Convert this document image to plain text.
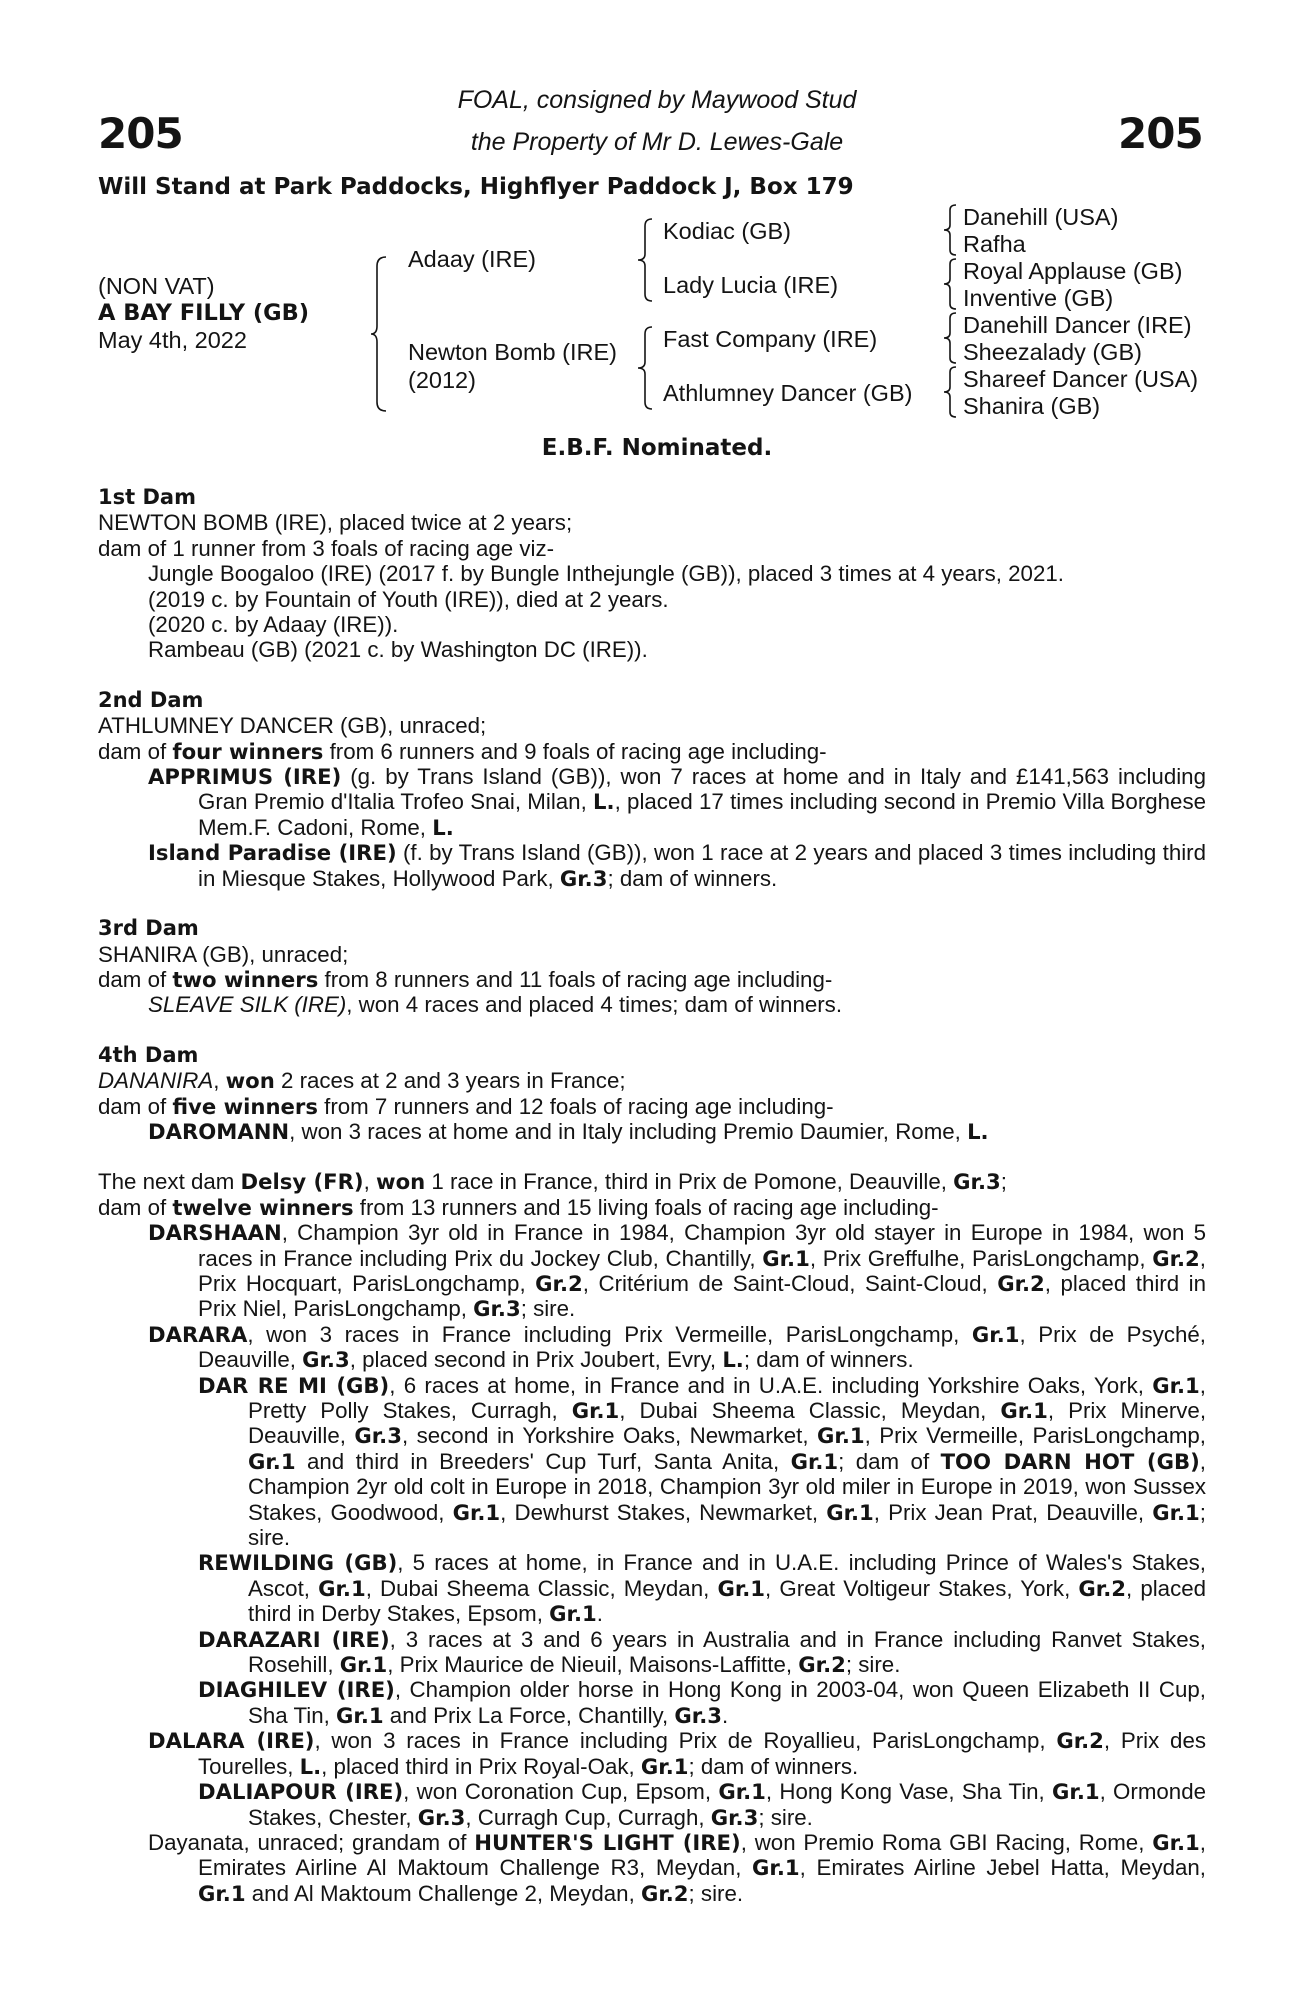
205	205
FOAL, consigned by Maywood Stud
the Property of Mr D. Lewes-Gale
Will Stand at Park Paddocks, Highflyer Paddock J, Box 179
(NON VAT)
A BAY FILLY (GB)
May 4th, 2022
Adaay (IRE)
Newton Bomb (IRE)
(2012)
Kodiac (GB)
Lady Lucia (IRE)
Fast Company (IRE)
Athlumney Dancer (GB)
Danehill (USA)
Rafha
Royal Applause (GB)
Inventive (GB)
Danehill Dancer (IRE)
Sheezalady (GB)
Shareef Dancer (USA)
Shanira (GB)
E.B.F. Nominated.

1st Dam

NEWTON BOMB (IRE), placed twice at 2 years;

dam of 1 runner from 3 foals of racing age viz-

Jungle Boogaloo (IRE) (2017 f. by Bungle Inthejungle (GB)), placed 3 times at 4 years, 2021.

(2019 c. by Fountain of Youth (IRE)), died at 2 years.

(2020 c. by Adaay (IRE)).

Rambeau (GB) (2021 c. by Washington DC (IRE)).

2nd Dam

ATHLUMNEY DANCER (GB), unraced;

dam of four winners from 6 runners and 9 foals of racing age including-

APPRIMUS (IRE) (g. by Trans Island (GB)), won 7 races at home and in Italy and £141,563 including Gran Premio d'Italia Trofeo Snai, Milan, L., placed 17 times including second in Premio Villa Borghese Mem.F. Cadoni, Rome, L.

Island Paradise (IRE) (f. by Trans Island (GB)), won 1 race at 2 years and placed 3 times including third in Miesque Stakes, Hollywood Park, Gr.3; dam of winners.

3rd Dam

SHANIRA (GB), unraced;

dam of two winners from 8 runners and 11 foals of racing age including-

SLEAVE SILK (IRE), won 4 races and placed 4 times; dam of winners.

4th Dam

DANANIRA, won 2 races at 2 and 3 years in France;

dam of five winners from 7 runners and 12 foals of racing age including-

DAROMANN, won 3 races at home and in Italy including Premio Daumier, Rome, L.

The next dam Delsy (FR), won 1 race in France, third in Prix de Pomone, Deauville, Gr.3;

dam of twelve winners from 13 runners and 15 living foals of racing age including-

DARSHAAN, Champion 3yr old in France in 1984, Champion 3yr old stayer in Europe in 1984, won 5 races in France including Prix du Jockey Club, Chantilly, Gr.1, Prix Greffulhe, ParisLongchamp, Gr.2, Prix Hocquart, ParisLongchamp, Gr.2, Critérium de Saint-Cloud, Saint-Cloud, Gr.2, placed third in Prix Niel, ParisLongchamp, Gr.3; sire.

DARARA, won 3 races in France including Prix Vermeille, ParisLongchamp, Gr.1, Prix de Psyché, Deauville, Gr.3, placed second in Prix Joubert, Evry, L.; dam of winners.

DAR RE MI (GB), 6 races at home, in France and in U.A.E. including Yorkshire Oaks, York, Gr.1, Pretty Polly Stakes, Curragh, Gr.1, Dubai Sheema Classic, Meydan, Gr.1, Prix Minerve, Deauville, Gr.3, second in Yorkshire Oaks, Newmarket, Gr.1, Prix Vermeille, ParisLongchamp, Gr.1 and third in Breeders' Cup Turf, Santa Anita, Gr.1; dam of TOO DARN HOT (GB), Champion 2yr old colt in Europe in 2018, Champion 3yr old miler in Europe in 2019, won Sussex Stakes, Goodwood, Gr.1, Dewhurst Stakes, Newmarket, Gr.1, Prix Jean Prat, Deauville, Gr.1; sire.

REWILDING (GB), 5 races at home, in France and in U.A.E. including Prince of Wales's Stakes, Ascot, Gr.1, Dubai Sheema Classic, Meydan, Gr.1, Great Voltigeur Stakes, York, Gr.2, placed third in Derby Stakes, Epsom, Gr.1.

DARAZARI (IRE), 3 races at 3 and 6 years in Australia and in France including Ranvet Stakes, Rosehill, Gr.1, Prix Maurice de Nieuil, Maisons-Laffitte, Gr.2; sire.

DIAGHILEV (IRE), Champion older horse in Hong Kong in 2003-04, won Queen Elizabeth II Cup, Sha Tin, Gr.1 and Prix La Force, Chantilly, Gr.3.

DALARA (IRE), won 3 races in France including Prix de Royallieu, ParisLongchamp, Gr.2, Prix des Tourelles, L., placed third in Prix Royal-Oak, Gr.1; dam of winners.

DALIAPOUR (IRE), won Coronation Cup, Epsom, Gr.1, Hong Kong Vase, Sha Tin, Gr.1, Ormonde Stakes, Chester, Gr.3, Curragh Cup, Curragh, Gr.3; sire.

Dayanata, unraced; grandam of HUNTER'S LIGHT (IRE), won Premio Roma GBI Racing, Rome, Gr.1, Emirates Airline Al Maktoum Challenge R3, Meydan, Gr.1, Emirates Airline Jebel Hatta, Meydan, Gr.1 and Al Maktoum Challenge 2, Meydan, Gr.2; sire.
